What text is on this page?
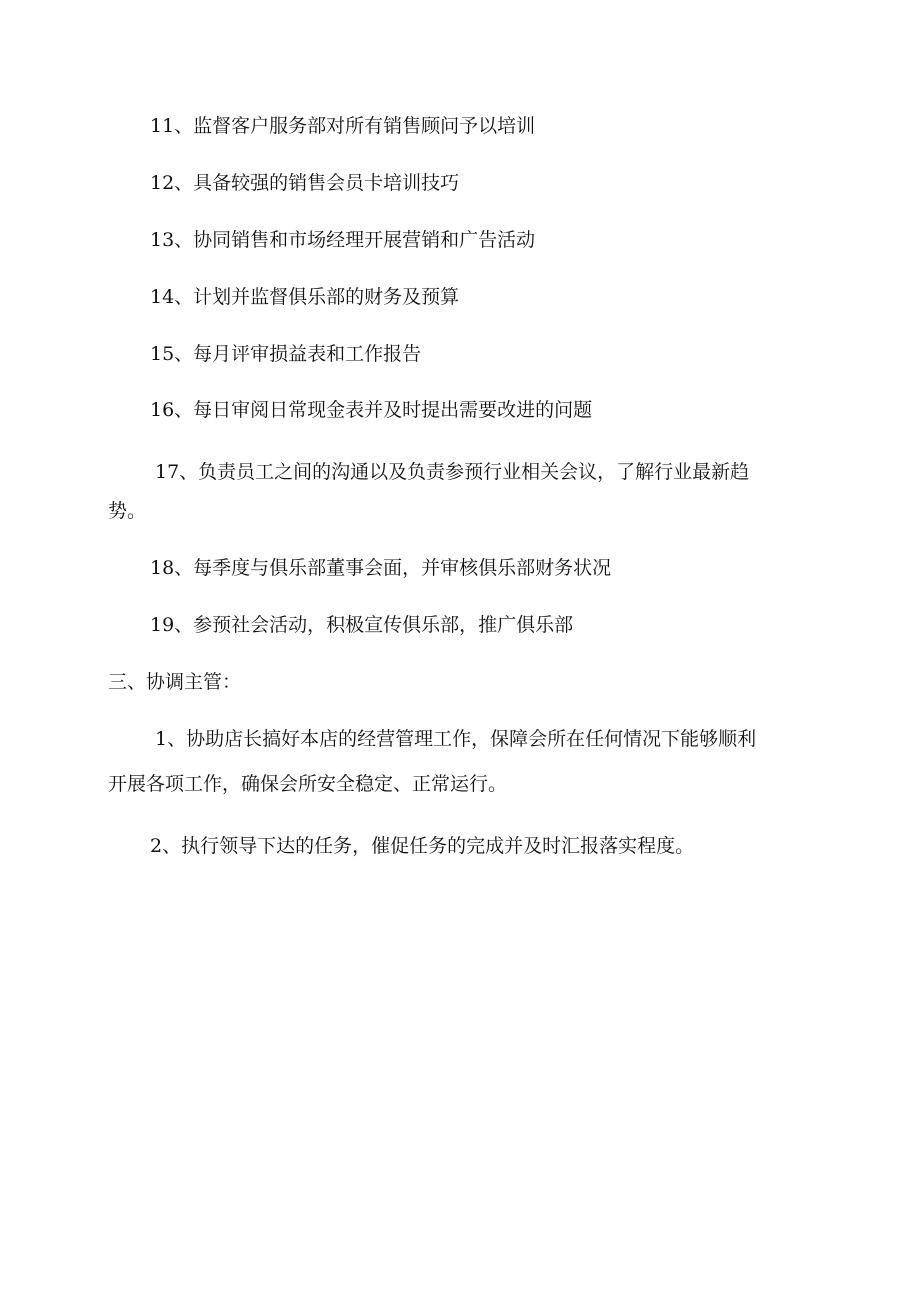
11、监督客户服务部对所有销售顾问予以培训
12、具备较强的销售会员卡培训技巧
13、协同销售和市场经理开展营销和广告活动
14、计划并监督俱乐部的财务及预算
15、每月评审损益表和工作报告
16、每日审阅日常现金表并及时提出需要改进的问题
17、负责员工之间的沟通以及负责参预行业相关会议，了解行业最新趋
势。
18、每季度与俱乐部董事会面，并审核俱乐部财务状况
19、参预社会活动，积极宣传俱乐部，推广俱乐部
三、协调主管：
1、协助店长搞好本店的经营管理工作，保障会所在任何情况下能够顺利
开展各项工作，确保会所安全稳定、正常运行。
2、执行领导下达的任务，催促任务的完成并及时汇报落实程度。
